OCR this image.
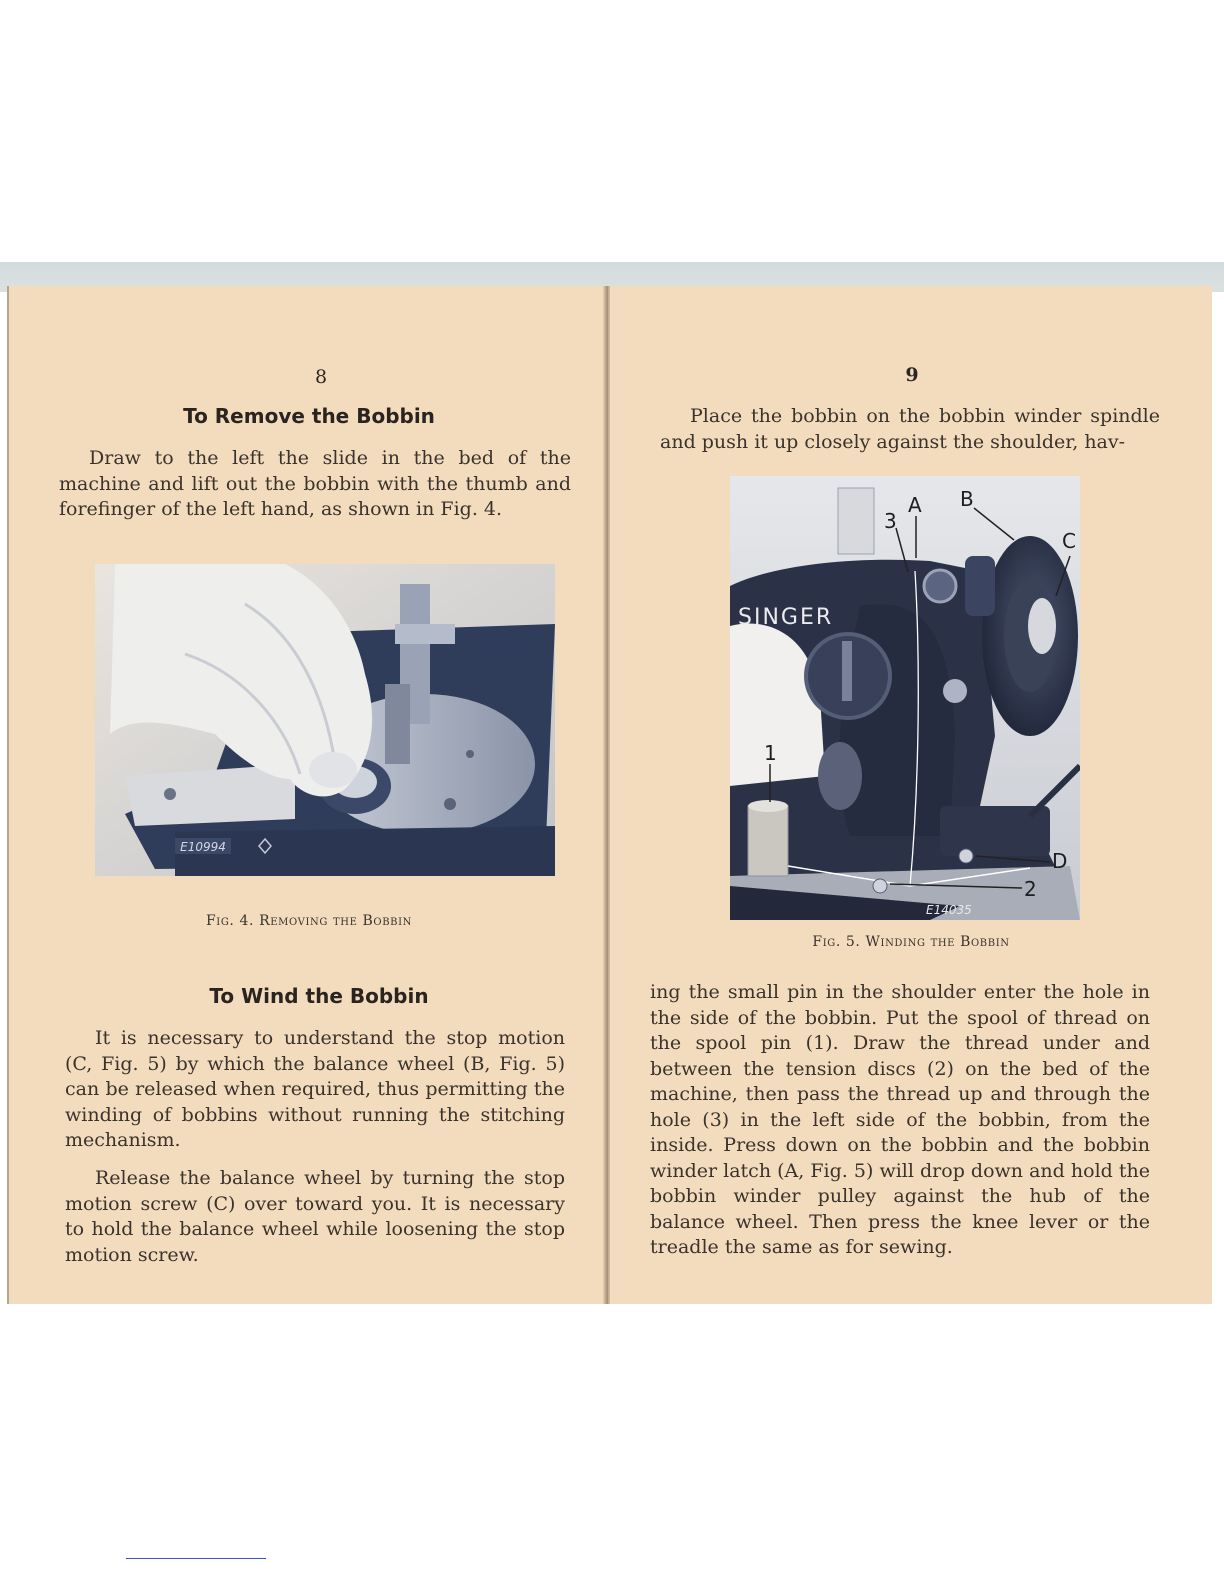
8
To Remove the Bobbin

Draw to the left the slide in the bed of the machine and lift out the bobbin with the thumb and forefinger of the left hand, as shown in Fig. 4.

E10994
Fig. 4. Removing the Bobbin
To Wind the Bobbin

It is necessary to understand the stop motion (C, Fig. 5) by which the balance wheel (B, Fig. 5) can be released when required, thus permitting the winding of bobbins without running the stitching mechanism.

Release the balance wheel by turning the stop motion screw (C) over toward you. It is necessary to hold the balance wheel while loosening the stop motion screw.

9

Place the bobbin on the bobbin winder spindle and push it up closely against the shoulder, hav-

SINGER
A B
C
D
1
2
3
E14035
Fig. 5. Winding the Bobbin

ing the small pin in the shoulder enter the hole in the side of the bobbin. Put the spool of thread on the spool pin (1). Draw the thread under and between the tension discs (2) on the bed of the machine, then pass the thread up and through the hole (3) in the left side of the bobbin, from the inside. Press down on the bobbin and the bobbin winder latch (A, Fig. 5) will drop down and hold the bobbin winder pulley against the hub of the balance wheel. Then press the knee lever or the treadle the same as for sewing.
